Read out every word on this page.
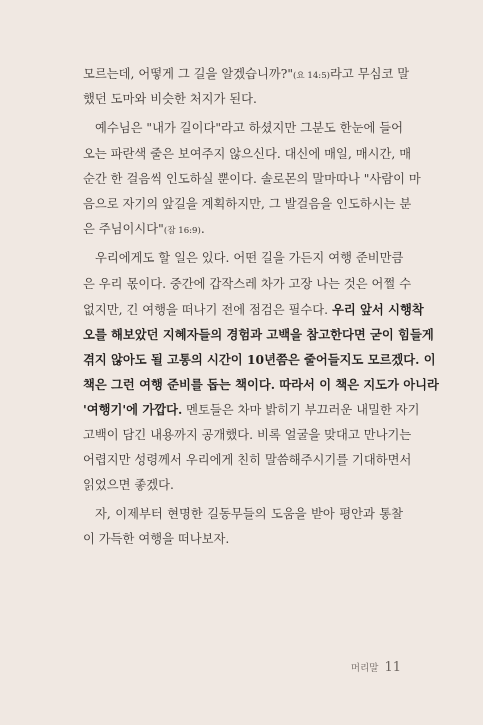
모르는데, 어떻게 그 길을 알겠습니까?"(요 14:5)라고 무심코 말
했던 도마와 비슷한 처지가 된다.
예수님은 "내가 길이다"라고 하셨지만 그분도 한눈에 들어
오는 파란색 줄은 보여주지 않으신다. 대신에 매일, 매시간, 매
순간 한 걸음씩 인도하실 뿐이다. 솔로몬의 말마따나 "사람이 마
음으로 자기의 앞길을 계획하지만, 그 발걸음을 인도하시는 분
은 주님이시다"(잠 16:9).
우리에게도 할 일은 있다. 어떤 길을 가든지 여행 준비만큼
은 우리 몫이다. 중간에 갑작스레 차가 고장 나는 것은 어쩔 수
없지만, 긴 여행을 떠나기 전에 점검은 필수다. 우리 앞서 시행착
오를 해보았던 지혜자들의 경험과 고백을 참고한다면 굳이 힘들게
겪지 않아도 될 고통의 시간이 10년쯤은 줄어들지도 모르겠다. 이
책은 그런 여행 준비를 돕는 책이다. 따라서 이 책은 지도가 아니라
'여행기'에 가깝다. 멘토들은 차마 밝히기 부끄러운 내밀한 자기
고백이 담긴 내용까지 공개했다. 비록 얼굴을 맞대고 만나기는
어렵지만 성령께서 우리에게 친히 말씀해주시기를 기대하면서
읽었으면 좋겠다.
자, 이제부터 현명한 길동무들의 도움을 받아 평안과 통찰
이 가득한 여행을 떠나보자.
머리말 11
